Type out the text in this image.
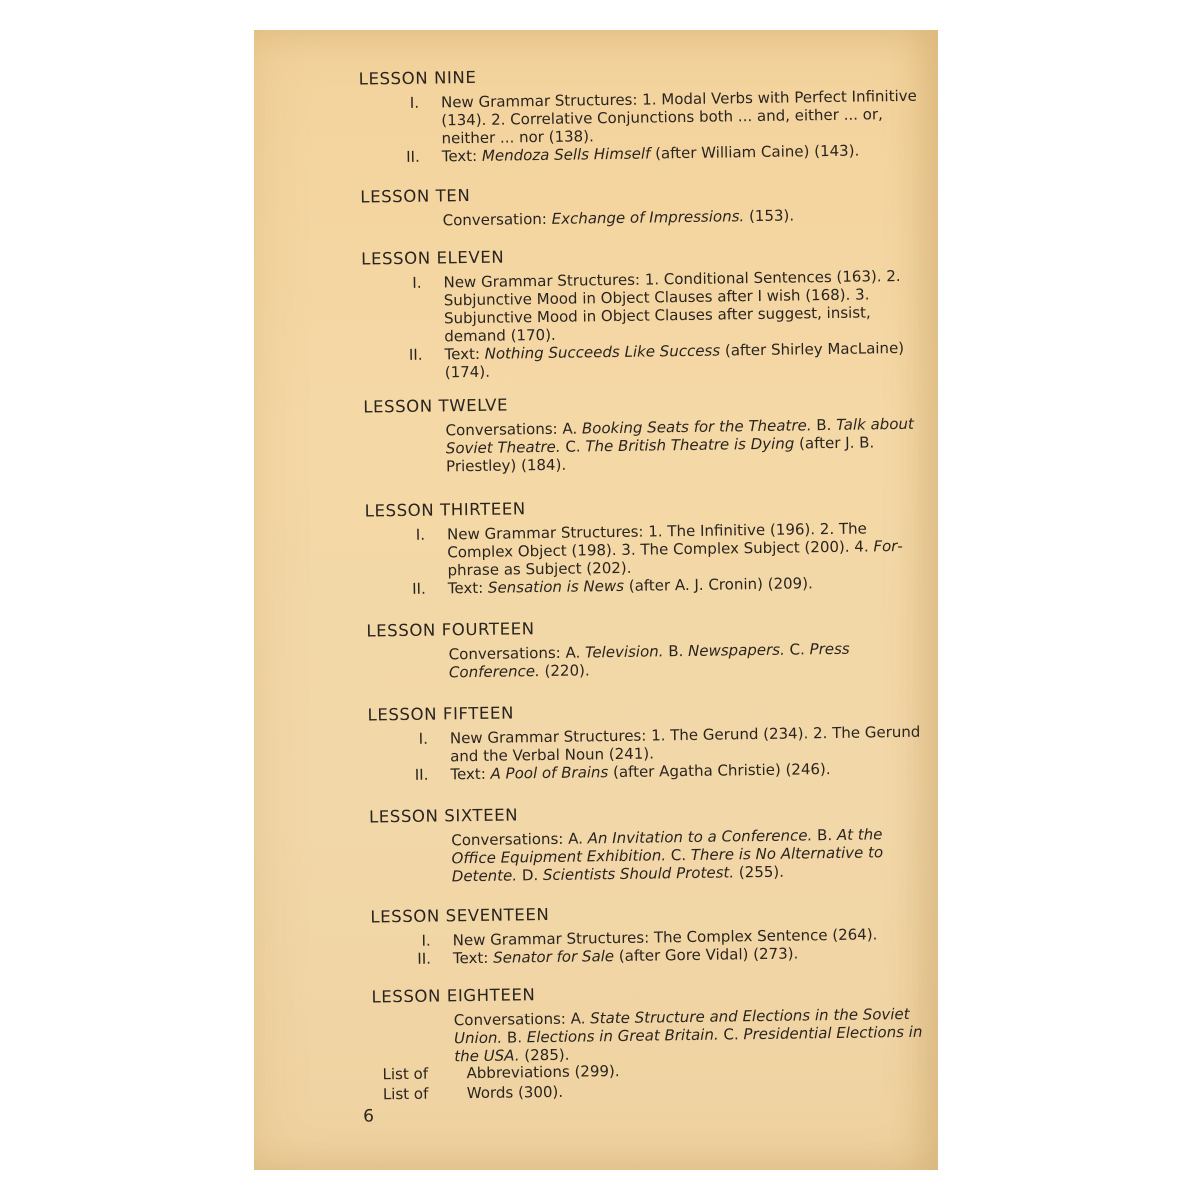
LESSON NINE
I. New Grammar Structures: 1. Modal Verbs with Perfect Infinitive (134). 2. Correlative Conjunctions both ... and, either ... or, neither ... nor (138).
II. Text: Mendoza Sells Himself (after William Caine) (143).
LESSON TEN
Conversation: Exchange of Impressions. (153).
LESSON ELEVEN
I. New Grammar Structures: 1. Conditional Sentences (163). 2. Subjunctive Mood in Object Clauses after I wish (168). 3. Subjunctive Mood in Object Clauses after suggest, insist, demand (170).
II. Text: Nothing Succeeds Like Success (after Shirley MacLaine) (174).
LESSON TWELVE
Conversations: A. Booking Seats for the Theatre. B. Talk about Soviet Theatre. C. The British Theatre is Dying (after J. B. Priestley) (184).
LESSON THIRTEEN
I. New Grammar Structures: 1. The Infinitive (196). 2. The Complex Object (198). 3. The Complex Subject (200). 4. For-phrase as Subject (202).
II. Text: Sensation is News (after A. J. Cronin) (209).
LESSON FOURTEEN
Conversations: A. Television. B. Newspapers. C. Press Conference. (220).
LESSON FIFTEEN
I. New Grammar Structures: 1. The Gerund (234). 2. The Gerund and the Verbal Noun (241).
II. Text: A Pool of Brains (after Agatha Christie) (246).
LESSON SIXTEEN
Conversations: A. An Invitation to a Conference. B. At the Office Equipment Exhibition. C. There is No Alternative to Detente. D. Scientists Should Protest. (255).
LESSON SEVENTEEN
I. New Grammar Structures: The Complex Sentence (264).
II. Text: Senator for Sale (after Gore Vidal) (273).
LESSON EIGHTEEN
Conversations: A. State Structure and Elections in the Soviet Union. B. Elections in Great Britain. C. Presidential Elections in the USA. (285).
List of	Abbreviations (299).
List of	Words (300).
6
